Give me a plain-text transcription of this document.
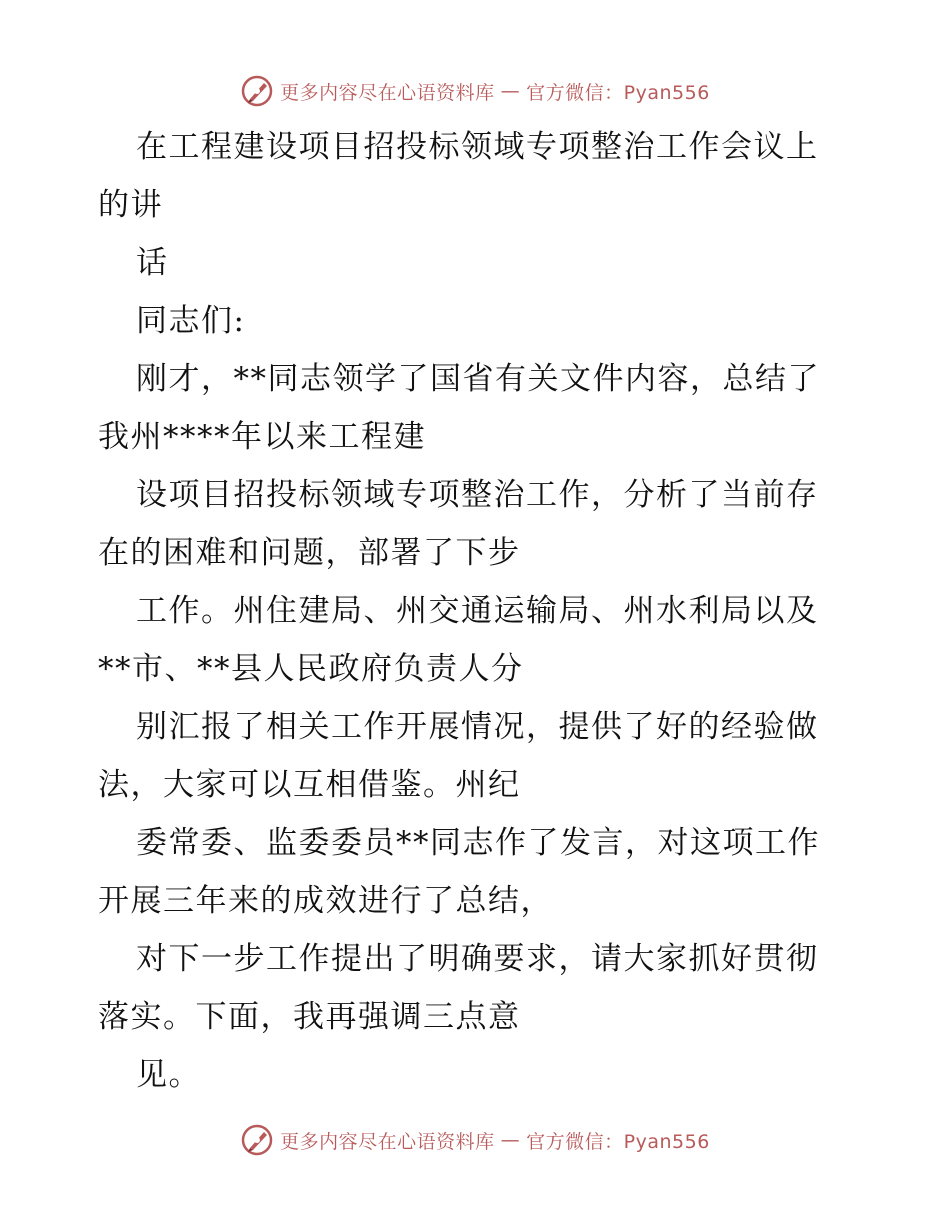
更多内容尽在心语资料库 — 官方微信：Pyan556
在工程建设项目招投标领域专项整治工作会议上
的讲
话
同志们:
刚才，**同志领学了国省有关文件内容，总结了
我州****年以来工程建
设项目招投标领域专项整治工作，分析了当前存
在的困难和问题，部署了下步
工作。州住建局、州交通运输局、州水利局以及
**市、**县人民政府负责人分
别汇报了相关工作开展情况，提供了好的经验做
法，大家可以互相借鉴。州纪
委常委、监委委员**同志作了发言，对这项工作
开展三年来的成效进行了总结，
对下一步工作提出了明确要求，请大家抓好贯彻
落实。下面，我再强调三点意
见。
更多内容尽在心语资料库 — 官方微信：Pyan556
